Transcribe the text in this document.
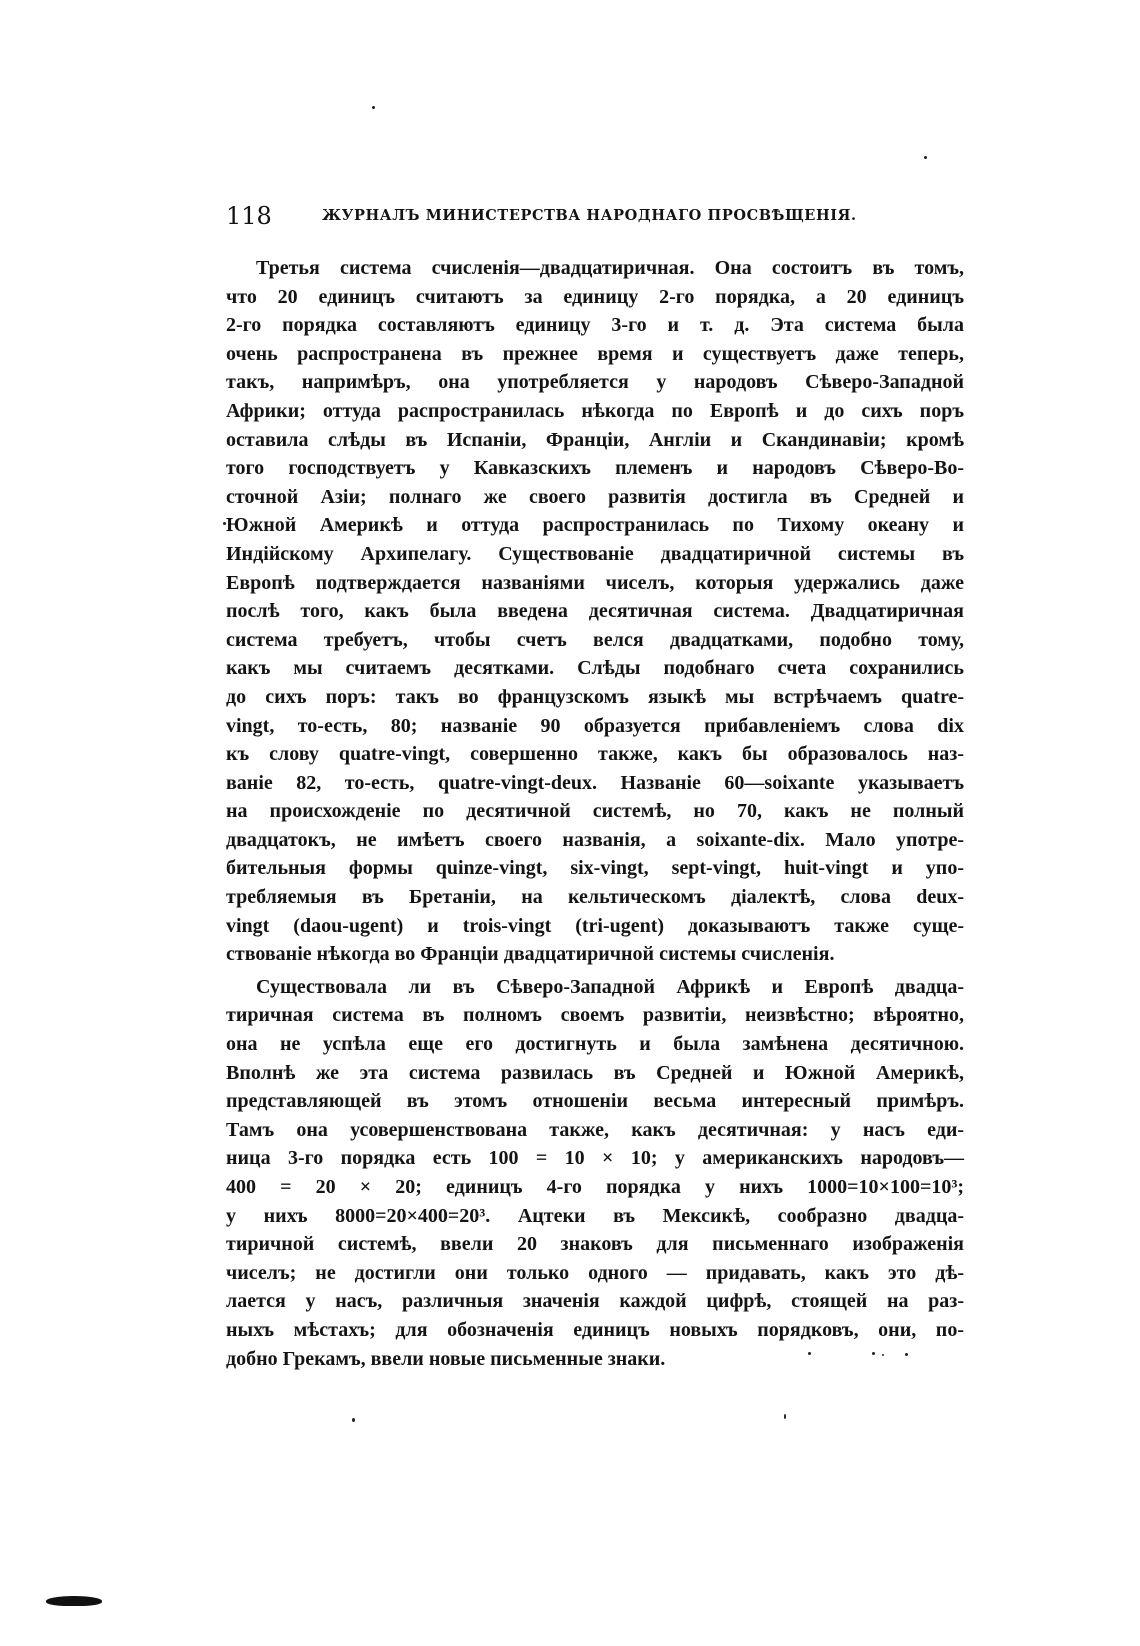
118	ЖУРНАЛЪ МИНИСТЕРСТВА НАРОДНАГО ПРОСВѢЩЕНІЯ.
Третья система счисленія—двадцатиричная. Она состоитъ въ томъ,
что 20 единицъ считаютъ за единицу 2-го порядка, а 20 единицъ
2-го порядка составляютъ единицу 3-го и т. д. Эта система была
очень распространена въ прежнее время и существуетъ даже теперь,
такъ, напримѣръ, она употребляется у народовъ Сѣверо-Западной
Африки; оттуда распространилась нѣкогда по Европѣ и до сихъ поръ
оставила слѣды въ Испаніи, Франціи, Англіи и Скандинавіи; кромѣ
того господствуетъ у Кавказскихъ племенъ и народовъ Сѣверо-Во-
сточной Азіи; полнаго же своего развитія достигла въ Средней и
Южной Америкѣ и оттуда распространилась по Тихому океану и
Индійскому Архипелагу. Существованіе двадцатиричной системы въ
Европѣ подтверждается названіями чиселъ, которыя удержались даже
послѣ того, какъ была введена десятичная система. Двадцатиричная
система требуетъ, чтобы счетъ велся двадцатками, подобно тому,
какъ мы считаемъ десятками. Слѣды подобнаго счета сохранились
до сихъ поръ: такъ во французскомъ языкѣ мы встрѣчаемъ quatre-
vingt, то-есть, 80; названіе 90 образуется прибавленіемъ слова dix
къ слову quatre-vingt, совершенно также, какъ бы образовалось наз-
ваніе 82, то-есть, quatre-vingt-deux. Названіе 60—soixante указываетъ
на происхожденіе по десятичной системѣ, но 70, какъ не полный
двадцатокъ, не имѣетъ своего названія, а soixante-dix. Мало употре-
бительныя формы quinze-vingt, six-vingt, sept-vingt, huit-vingt и упо-
требляемыя въ Бретаніи, на кельтическомъ діалектѣ, слова deux-
vingt (daou-ugent) и trois-vingt (tri-ugent) доказываютъ также суще-
ствованіе нѣкогда во Франціи двадцатиричной системы счисленія.
Существовала ли въ Сѣверо-Западной Африкѣ и Европѣ двадца-
тиричная система въ полномъ своемъ развитіи, неизвѣстно; вѣроятно,
она не успѣла еще его достигнуть и была замѣнена десятичною.
Вполнѣ же эта система развилась въ Средней и Южной Америкѣ,
представляющей въ этомъ отношеніи весьма интересный примѣръ.
Тамъ она усовершенствована также, какъ десятичная: у насъ еди-
ница 3-го порядка есть 100 = 10 × 10; у американскихъ народовъ—
400 = 20 × 20; единицъ 4-го порядка у нихъ 1000=10×100=10³;
у нихъ 8000=20×400=20³. Ацтеки въ Мексикѣ, сообразно двадца-
тиричной системѣ, ввели 20 знаковъ для письменнаго изображенія
чиселъ; не достигли они только одного — придавать, какъ это дѣ-
лается у насъ, различныя значенія каждой цифрѣ, стоящей на раз-
ныхъ мѣстахъ; для обозначенія единицъ новыхъ порядковъ, они, по-
добно Грекамъ, ввели новые письменные знаки.
